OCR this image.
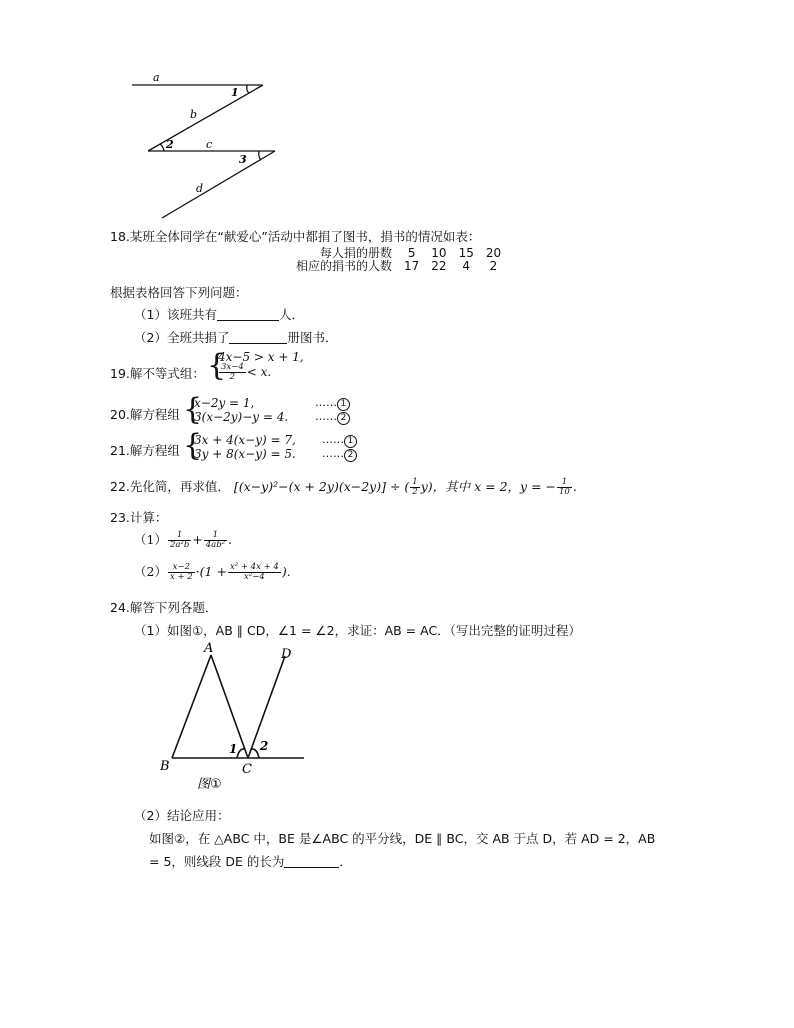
a
1
b
2	c
3
d
18.某班全体同学在“献爱心”活动中都捐了图书，捐书的情况如表：
每人捐的册数	5	10	15	20
相应的捐书的人数	17	22	4	2
根据表格回答下列问题：
（1）该班共有	人．
（2）全班共捐了	册图书．
19.解不等式组： {
4x−5 > x + 1,
$\frac{3x-4}{2} < x$.
20.解方程组 {
x−2y = 1,
3(x−2y)−y = 4.
…… 1
…… 2
21.解方程组 {
3x + 4(x−y) = 7,
3y + 8(x−y) = 5.
…… 1
…… 2
22.先化简，再求值． [(x−y)²−(x + 2y)(x−2y)] ÷ ( $\frac{1}{2} y$)，其中 x = 2，y = − $\frac{1}{10}$ .
23.计算：
$(1) \frac{1}{\text{2a²b}} + \frac{1}{\text{4ab²}}$ .
$(2) \frac{x-2}{x + 2} \cdot(1 + \frac{\text{x² + 4x + 4}}{\text{x²−4}}$ ).
24.解答下列各题．
（1）如图①，AB ∥ CD，∠1 = ∠2，求证：AB = AC．（写出完整的证明过程）
A	D
1 2
B	C
图①
（2）结论应用：
如图②，在 △ABC 中，BE 是∠ABC 的平分线，DE ∥ BC，交 AB 于点 D，若 AD = 2，AB
= 5，则线段 DE 的长为	．
